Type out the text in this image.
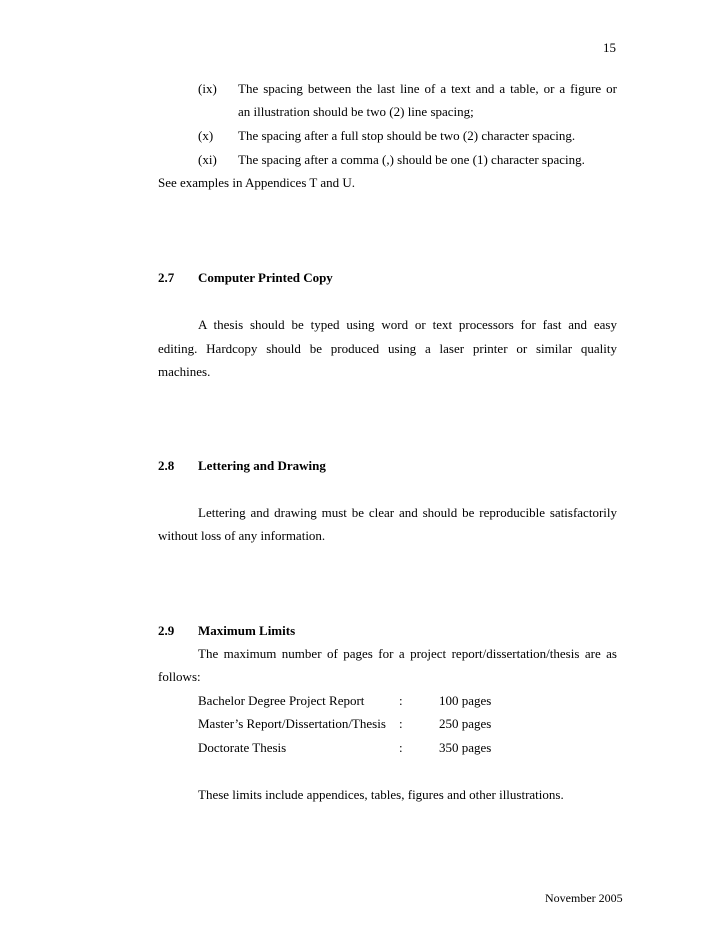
15
(ix) The spacing between the last line of a text and a table, or a figure or
an illustration should be two (2) line spacing;
(x) The spacing after a full stop should be two (2) character spacing.
(xi) The spacing after a comma (,) should be one (1) character spacing.
See examples in Appendices T and U.
2.7 Computer Printed Copy
A thesis should be typed using word or text processors for fast and easy
editing. Hardcopy should be produced using a laser printer or similar quality
machines.
2.8 Lettering and Drawing
Lettering and drawing must be clear and should be reproducible satisfactorily
without loss of any information.
2.9 Maximum Limits
The maximum number of pages for a project report/dissertation/thesis are as
follows:
Bachelor Degree Project Report	:	100 pages
Master’s Report/Dissertation/Thesis :	250 pages
Doctorate Thesis	:	350 pages
These limits include appendices, tables, figures and other illustrations.
November 2005
